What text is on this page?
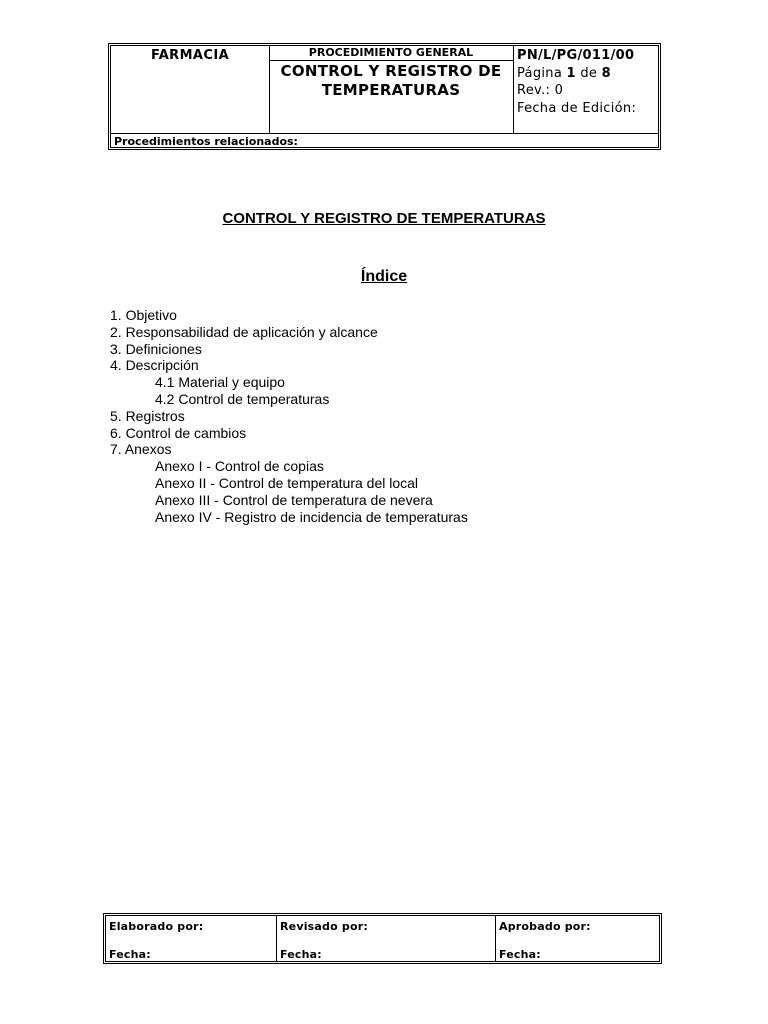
FARMACIA	PROCEDIMIENTO GENERAL
CONTROL Y REGISTRO DE
TEMPERATURAS
PN/L/PG/011/00
Página 1 de 8
Rev.: 0
Fecha de Edición:
Procedimientos relacionados:
CONTROL Y REGISTRO DE TEMPERATURAS
Índice
1. Objetivo
2. Responsabilidad de aplicación y alcance
3. Definiciones
4. Descripción
4.1 Material y equipo
4.2 Control de temperaturas
5. Registros
6. Control de cambios
7. Anexos
Anexo I - Control de copias
Anexo II - Control de temperatura del local
Anexo III - Control de temperatura de nevera
Anexo IV - Registro de incidencia de temperaturas
Elaborado por:
Fecha:
Revisado por:
Fecha:
Aprobado por:
Fecha:
